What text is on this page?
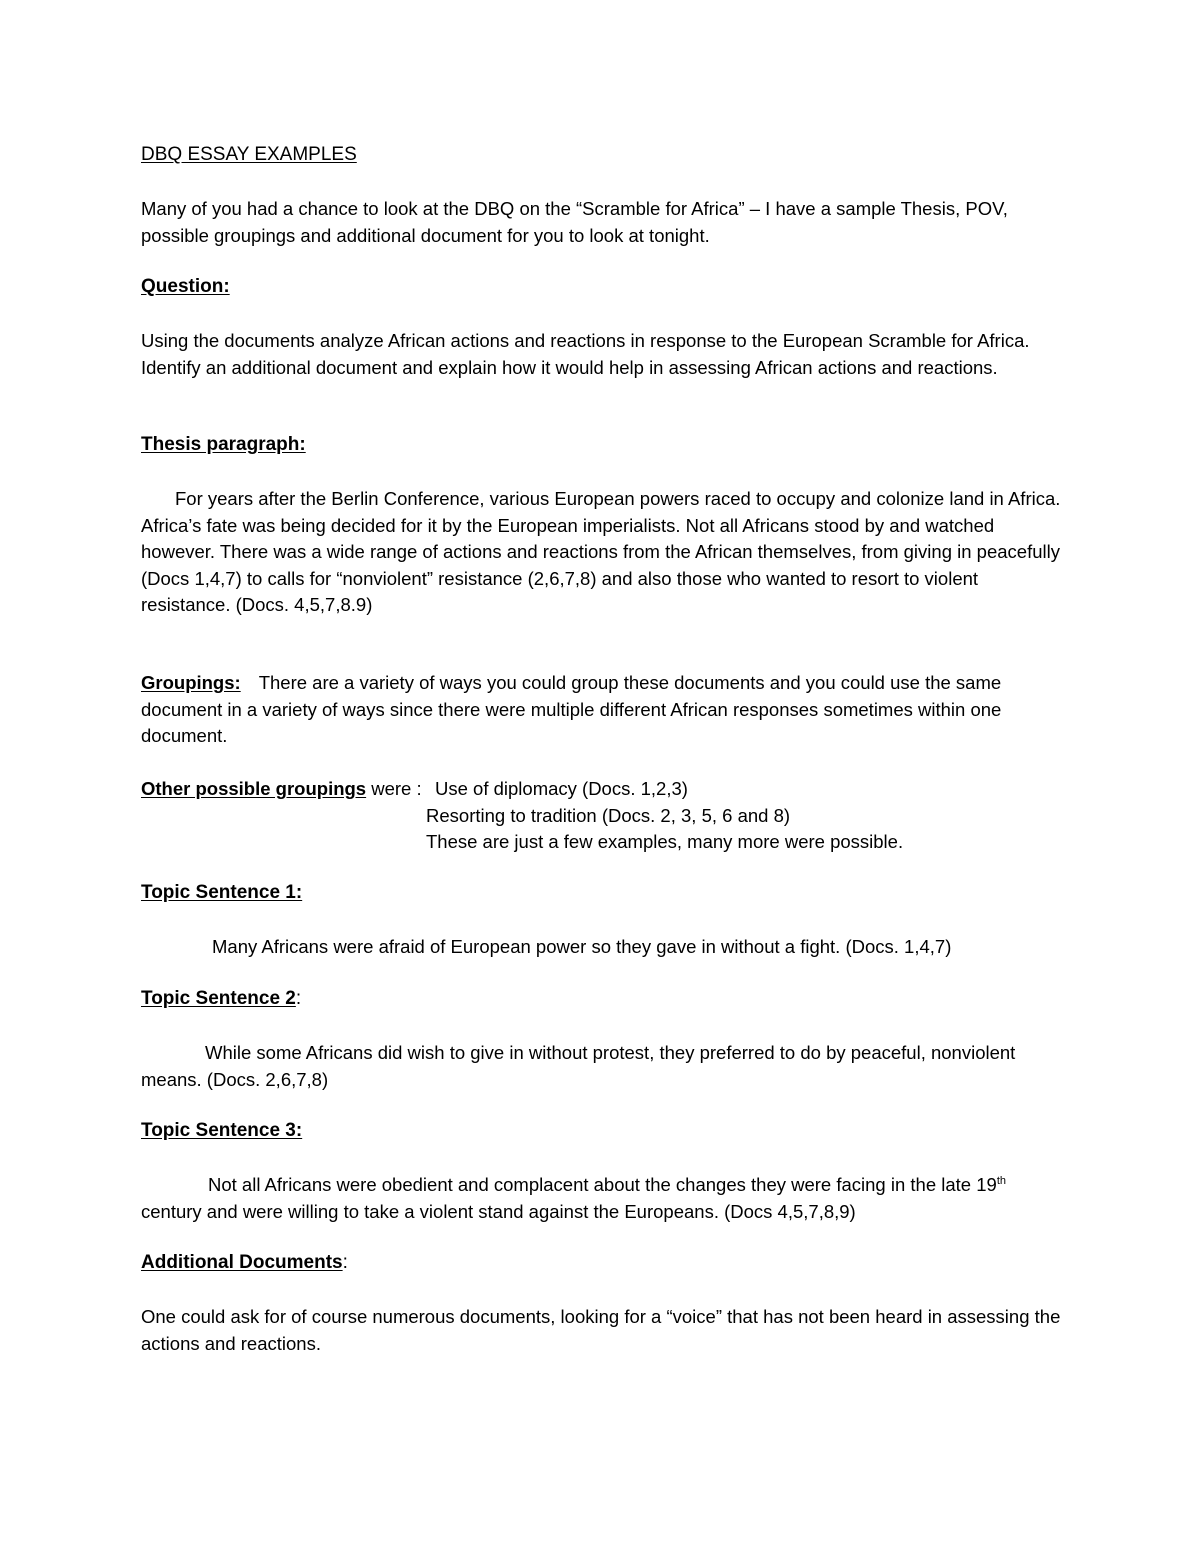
DBQ ESSAY EXAMPLES
Many of you had a chance to look at the DBQ on the “Scramble for Africa” – I have a sample Thesis, POV, possible groupings and additional document for you to look at tonight.
Question:
Using the documents analyze African actions and reactions in response to the European Scramble for Africa. Identify an additional document and explain how it would help in assessing African actions and reactions.
Thesis paragraph:
For years after the Berlin Conference, various European powers raced to occupy and colonize land in Africa. Africa’s fate was being decided for it by the European imperialists. Not all Africans stood by and watched however. There was a wide range of actions and reactions from the African themselves, from giving in peacefully (Docs 1,4,7) to calls for “nonviolent” resistance (2,6,7,8) and also those who wanted to resort to violent resistance. (Docs. 4,5,7,8.9)
Groupings: There are a variety of ways you could group these documents and you could use the same document in a variety of ways since there were multiple different African responses sometimes within one document.
Other possible groupings were : Use of diplomacy (Docs. 1,2,3)
Resorting to tradition (Docs. 2, 3, 5, 6 and 8)
These are just a few examples, many more were possible.
Topic Sentence 1:
Many Africans were afraid of European power so they gave in without a fight. (Docs. 1,4,7)
Topic Sentence 2:
While some Africans did wish to give in without protest, they preferred to do by peaceful, nonviolent means. (Docs. 2,6,7,8)
Topic Sentence 3:
Not all Africans were obedient and complacent about the changes they were facing in the late 19th century and were willing to take a violent stand against the Europeans. (Docs 4,5,7,8,9)
Additional Documents:
One could ask for of course numerous documents, looking for a “voice” that has not been heard in assessing the actions and reactions.
